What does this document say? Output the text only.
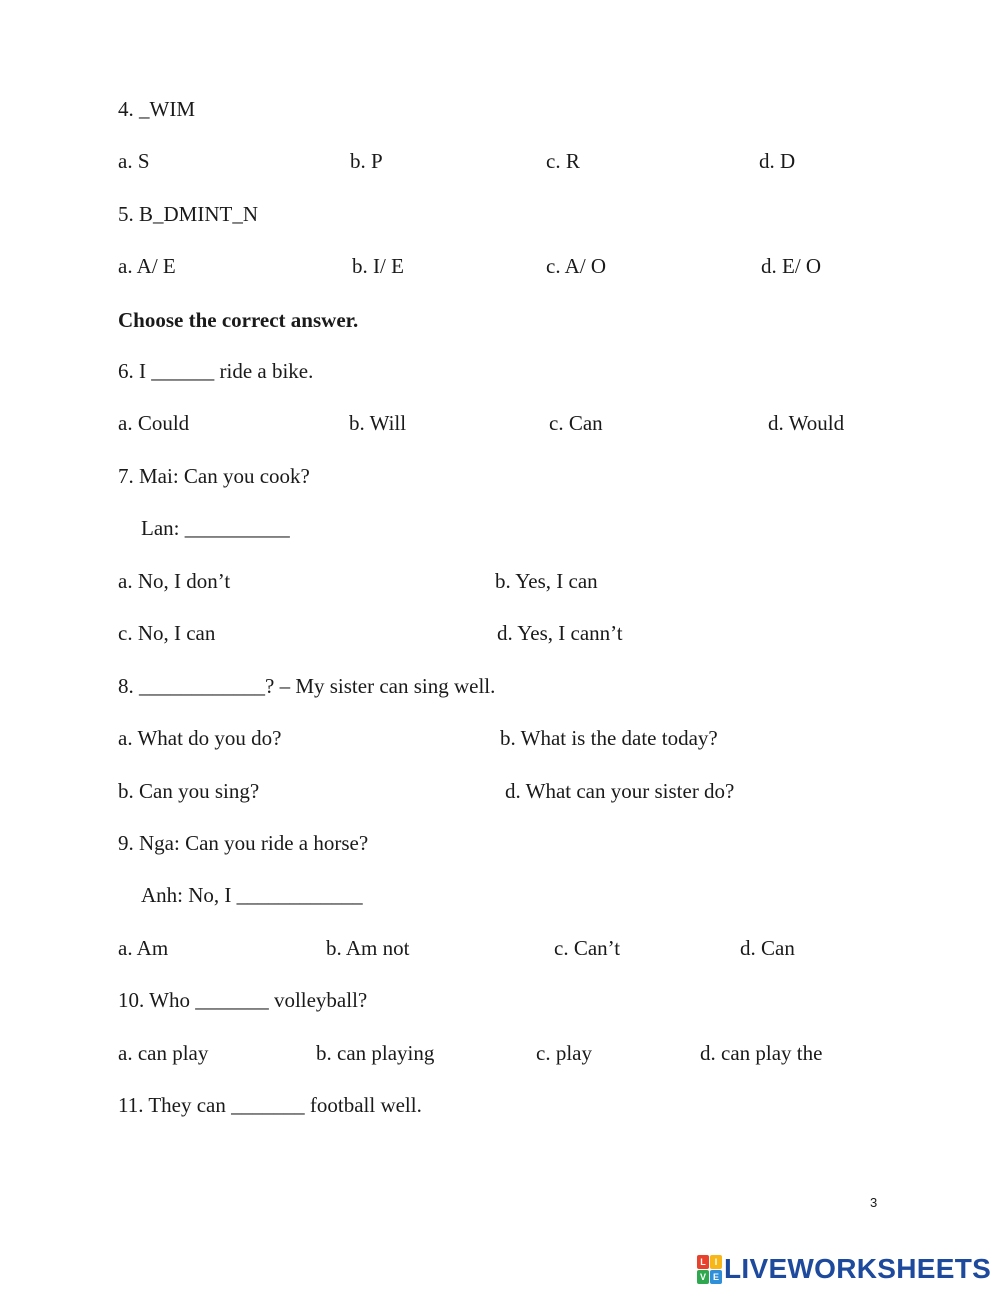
4. _WIM
a. S	b. P	c. R	d. D
5. B_DMINT_N
a. A/ E	b. I/ E	c. A/ O	d. E/ O
Choose the correct answer.
6. I ______ ride a bike.
a. Could	b. Will	c. Can	d. Would
7. Mai: Can you cook?
Lan: __________
a. No, I don’t	b. Yes, I can
c. No, I can	d. Yes, I cann’t
8. ____________? – My sister can sing well.
a. What do you do?	b. What is the date today?
b. Can you sing?	d. What can your sister do?
9. Nga: Can you ride a horse?
Anh: No, I ____________
a. Am	b. Am not	c. Can’t	d. Can
10. Who _______ volleyball?
a. can play	b. can playing	c. play	d. can play the
11. They can _______ football well.
3
L I
V E LIVEWORKSHEETS
